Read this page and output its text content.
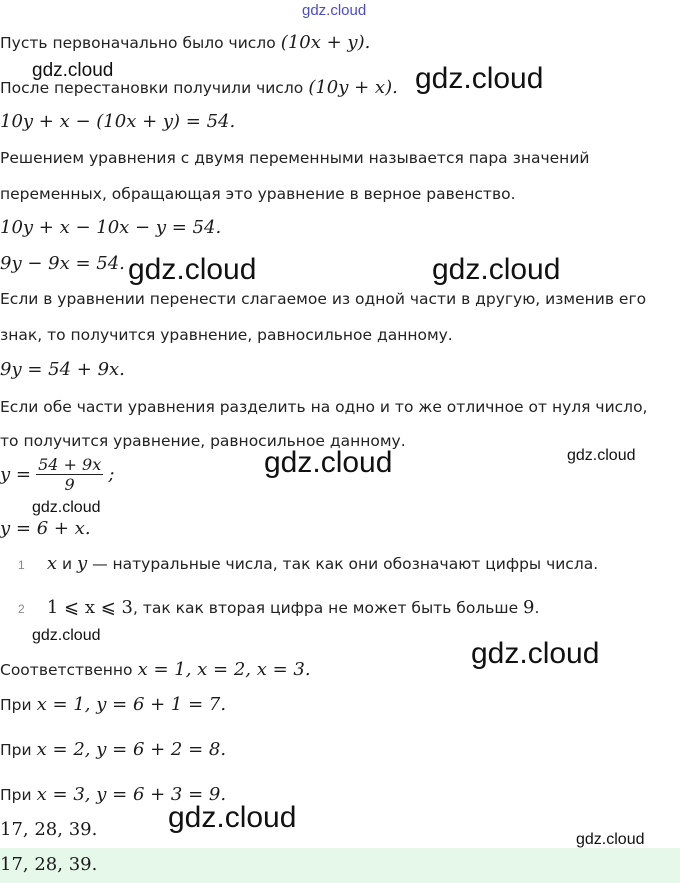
gdz.cloud
gdz.cloud	gdz.cloud
gdz.cloud	gdz.cloud
gdz.cloud	gdz.cloud
gdz.cloud
gdz.cloud
gdz.cloud
gdz.cloud
gdz.cloud
Пусть первоначально было число (10x + y).
После перестановки получили число (10y + x).
10y + x − (10x + y) = 54.
Решением уравнения с двумя переменными называется пара значений
переменных, обращающая это уравнение в верное равенство.
10y + x − 10x − y = 54.
9y − 9x = 54.
Если в уравнении перенести слагаемое из одной части в другую, изменив его
знак, то получится уравнение, равносильное данному.
9y = 54 + 9x.
Если обе части уравнения разделить на одно и то же отличное от нуля число,
то получится уравнение, равносильное данному.
$y = \frac{54 + 9x}{9}$ ;
y = 6 + x.
1 x и y — натуральные числа, так как они обозначают цифры числа.
2 1 ⩽ x ⩽ 3, так как вторая цифра не может быть больше 9.
Соответственно x = 1, x = 2, x = 3.
При x = 1, y = 6 + 1 = 7.
При x = 2, y = 6 + 2 = 8.
При x = 3, y = 6 + 3 = 9.
17, 28, 39.
17, 28, 39.
